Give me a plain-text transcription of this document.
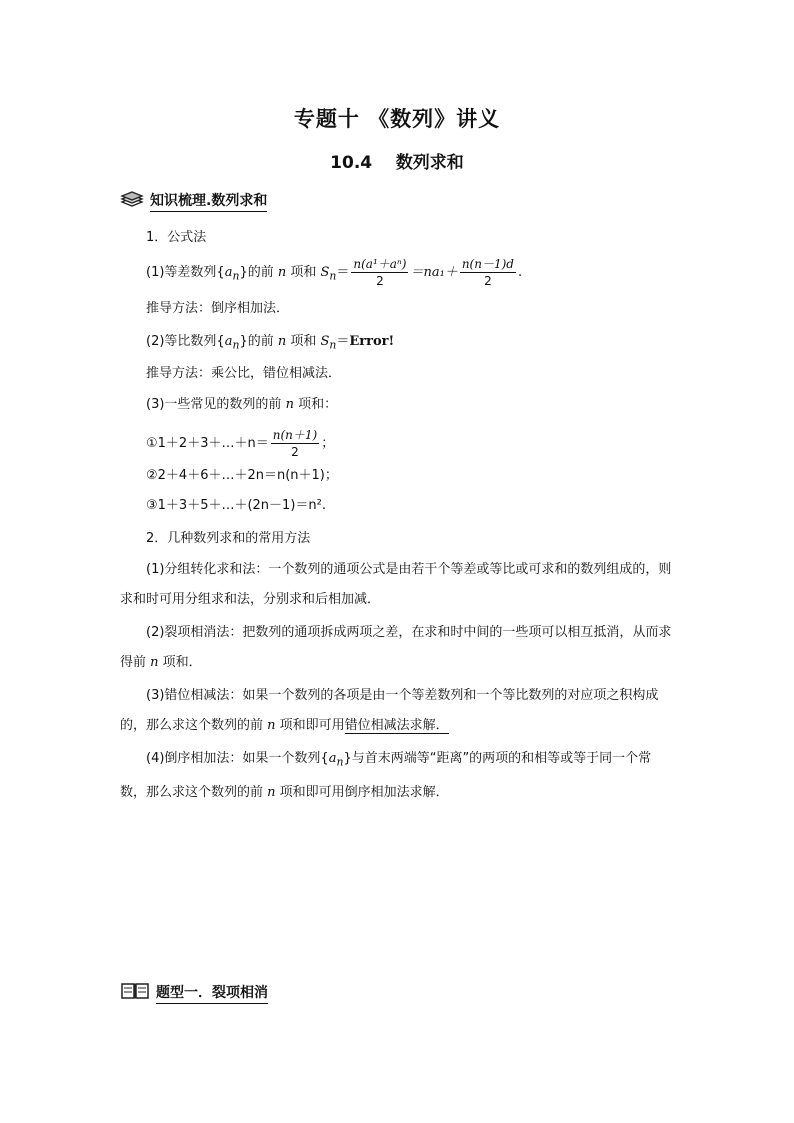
专题十 《数列》讲义
10.4 数列求和
知识梳理.数列求和
1．公式法
(1)等差数列$\{a_n\}$的前 n 项和 $S_n= \frac{\text{n(a¹＋aⁿ)}}{2} =na_1+ \frac{n(n-1)d}{2}$ .
推导方法：倒序相加法．
(2)等比数列$\{a_n\}$的前 n 项和 $S_n=Error$!
推导方法：乘公比，错位相减法．
(3)一些常见的数列的前 n 项和：
①1＋2＋3＋…＋n＝ $\frac{n(n+1)}{2}$ ；
②2＋4＋6＋…＋2n＝n(n＋1)；
③1＋3＋5＋…＋(2n－1)＝n².
2．几种数列求和的常用方法
(1)分组转化求和法：一个数列的通项公式是由若干个等差或等比或可求和的数列组成的，则求和时可用分组求和法，分别求和后相加减．
(2)裂项相消法：把数列的通项拆成两项之差，在求和时中间的一些项可以相互抵消，从而求得前 n 项和．
(3)错位相减法：如果一个数列的各项是由一个等差数列和一个等比数列的对应项之积构成的，那么求这个数列的前 n 项和即可用错位相减法求解．
(4)倒序相加法：如果一个数列$\{a_n\}$与首末两端等“距离”的两项的和相等或等于同一个常数，那么求这个数列的前 n 项和即可用倒序相加法求解．
题型一．裂项相消
